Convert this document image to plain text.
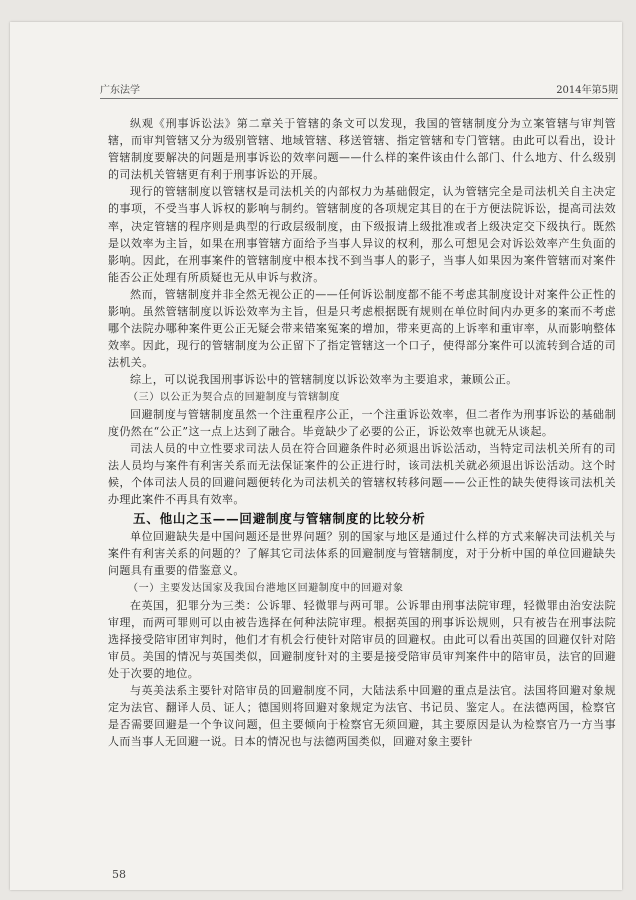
广东法学	2014年第5期

纵观《刑事诉讼法》第二章关于管辖的条文可以发现，我国的管辖制度分为立案管辖与审判管辖，而审判管辖又分为级别管辖、地域管辖、移送管辖、指定管辖和专门管辖。由此可以看出，设计管辖制度要解决的问题是刑事诉讼的效率问题——什么样的案件该由什么部门、什么地方、什么级别的司法机关管辖更有利于刑事诉讼的开展。

现行的管辖制度以管辖权是司法机关的内部权力为基础假定，认为管辖完全是司法机关自主决定的事项，不受当事人诉权的影响与制约。管辖制度的各项规定其目的在于方便法院诉讼，提高司法效率，决定管辖的程序则是典型的行政层级制度，由下级报请上级批准或者上级决定交下级执行。既然是以效率为主旨，如果在刑事管辖方面给予当事人异议的权利，那么可想见会对诉讼效率产生负面的影响。因此，在刑事案件的管辖制度中根本找不到当事人的影子，当事人如果因为案件管辖而对案件能否公正处理有所质疑也无从申诉与救济。

然而，管辖制度并非全然无视公正的——任何诉讼制度都不能不考虑其制度设计对案件公正性的影响。虽然管辖制度以诉讼效率为主旨，但是只考虑根据既有规则在单位时间内办更多的案而不考虑哪个法院办哪种案件更公正无疑会带来错案冤案的增加，带来更高的上诉率和重审率，从而影响整体效率。因此，现行的管辖制度为公正留下了指定管辖这一个口子，使得部分案件可以流转到合适的司法机关。

综上，可以说我国刑事诉讼中的管辖制度以诉讼效率为主要追求，兼顾公正。

（三）以公正为契合点的回避制度与管辖制度

回避制度与管辖制度虽然一个注重程序公正，一个注重诉讼效率，但二者作为刑事诉讼的基础制度仍然在“公正”这一点上达到了融合。毕竟缺少了必要的公正，诉讼效率也就无从谈起。

司法人员的中立性要求司法人员在符合回避条件时必须退出诉讼活动，当特定司法机关所有的司法人员均与案件有利害关系而无法保证案件的公正进行时，该司法机关就必须退出诉讼活动。这个时候，个体司法人员的回避问题便转化为司法机关的管辖权转移问题——公正性的缺失使得该司法机关办理此案件不再具有效率。

五、他山之玉——回避制度与管辖制度的比较分析

单位回避缺失是中国问题还是世界问题？别的国家与地区是通过什么样的方式来解决司法机关与案件有利害关系的问题的？了解其它司法体系的回避制度与管辖制度，对于分析中国的单位回避缺失问题具有重要的借鉴意义。

（一）主要发达国家及我国台港地区回避制度中的回避对象

在英国，犯罪分为三类：公诉罪、轻微罪与两可罪。公诉罪由刑事法院审理，轻微罪由治安法院审理，而两可罪则可以由被告选择在何种法院审理。根据英国的刑事诉讼规则，只有被告在刑事法院选择接受陪审团审判时，他们才有机会行使针对陪审员的回避权。由此可以看出英国的回避仅针对陪审员。美国的情况与英国类似，回避制度针对的主要是接受陪审员审判案件中的陪审员，法官的回避处于次要的地位。

与英美法系主要针对陪审员的回避制度不同，大陆法系中回避的重点是法官。法国将回避对象规定为法官、翻译人员、证人；德国则将回避对象规定为法官、书记员、鉴定人。在法德两国，检察官是否需要回避是一个争议问题，但主要倾向于检察官无须回避，其主要原因是认为检察官乃一方当事人而当事人无回避一说。日本的情况也与法德两国类似，回避对象主要针

58
